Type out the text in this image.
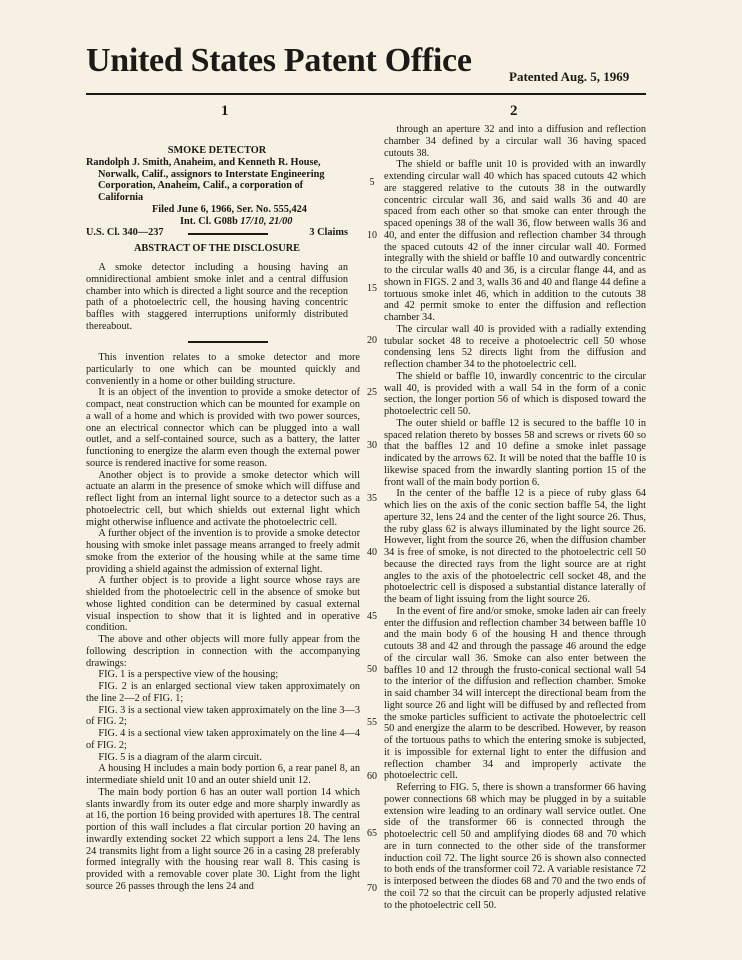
United States Patent Office	Patented Aug. 5, 1969
1	2
SMOKE DETECTOR
Randolph J. Smith, Anaheim, and Kenneth R. House, Norwalk, Calif., assignors to Interstate Engineering Corporation, Anaheim, Calif., a corporation of California
Filed June 6, 1966, Ser. No. 555,424
Int. Cl. G08b 17/10, 21/00
U.S. Cl. 340—237	3 Claims
ABSTRACT OF THE DISCLOSURE

A smoke detector including a housing having an omnidirectional ambient smoke inlet and a central diffusion chamber into which is directed a light source and the reception path of a photoelectric cell, the housing having concentric baffles with staggered interruptions uniformly distributed thereabout.

This invention relates to a smoke detector and more particularly to one which can be mounted quickly and conveniently in a home or other building structure.

It is an object of the invention to provide a smoke detector of compact, neat construction which can be mounted for example on a wall of a home and which is provided with two power sources, one an electrical connector which can be plugged into a wall outlet, and a self-contained source, such as a battery, the latter functioning to energize the alarm even though the external power source is rendered inactive for some reason.

Another object is to provide a smoke detector which will actuate an alarm in the presence of smoke which will diffuse and reflect light from an internal light source to a detector such as a photoelectric cell, but which shields out external light which might otherwise influence and activate the photoelectric cell.

A further object of the invention is to provide a smoke detector housing with smoke inlet passage means arranged to freely admit smoke from the exterior of the housing while at the same time providing a shield against the admission of external light.

A further object is to provide a light source whose rays are shielded from the photoelectric cell in the absence of smoke but whose lighted condition can be determined by casual external visual inspection to show that it is lighted and in operative condition.

The above and other objects will more fully appear from the following description in connection with the accompanying drawings:

FIG. 1 is a perspective view of the housing;

FIG. 2 is an enlarged sectional view taken approximately on the line 2—2 of FIG. 1;

FIG. 3 is a sectional view taken approximately on the line 3—3 of FIG. 2;

FIG. 4 is a sectional view taken approximately on the line 4—4 of FIG. 2;

FIG. 5 is a diagram of the alarm circuit.

A housing H includes a main body portion 6, a rear panel 8, an intermediate shield unit 10 and an outer shield unit 12.

The main body portion 6 has an outer wall portion 14 which slants inwardly from its outer edge and more sharply inwardly as at 16, the portion 16 being provided with apertures 18. The central portion of this wall includes a flat circular portion 20 having an inwardly extending socket 22 which support a lens 24. The lens 24 transmits light from a light source 26 in a casing 28 preferably formed integrally with the housing rear wall 8. This casing is provided with a removable cover plate 30. Light from the light source 26 passes through the lens 24 and

through an aperture 32 and into a diffusion and reflection chamber 34 defined by a circular wall 36 having spaced cutouts 38.

The shield or baffle unit 10 is provided with an inwardly extending circular wall 40 which has spaced cutouts 42 which are staggered relative to the cutouts 38 in the outwardly concentric circular wall 36, and said walls 36 and 40 are spaced from each other so that smoke can enter through the spaced openings 38 of the wall 36, flow between walls 36 and 40, and enter the diffusion and reflection chamber 34 through the spaced cutouts 42 of the inner circular wall 40. Formed integrally with the shield or baffle 10 and outwardly concentric to the circular walls 40 and 36, is a circular flange 44, and as shown in FIGS. 2 and 3, walls 36 and 40 and flange 44 define a tortuous smoke inlet 46, which in addition to the cutouts 38 and 42 permit smoke to enter the diffusion and reflection chamber 34.

The circular wall 40 is provided with a radially extending tubular socket 48 to receive a photoelectric cell 50 whose condensing lens 52 directs light from the diffusion and reflection chamber 34 to the photoelectric cell.

The shield or baffle 10, inwardly concentric to the circular wall 40, is provided with a wall 54 in the form of a conic section, the longer portion 56 of which is disposed toward the photoelectric cell 50.

The outer shield or baffle 12 is secured to the baffle 10 in spaced relation thereto by bosses 58 and screws or rivets 60 so that the baffles 12 and 10 define a smoke inlet passage indicated by the arrows 62. It will be noted that the baffle 10 is likewise spaced from the inwardly slanting portion 15 of the front wall of the main body portion 6.

In the center of the baffle 12 is a piece of ruby glass 64 which lies on the axis of the conic section baffle 54, the light aperture 32, lens 24 and the center of the light source 26. Thus, the ruby glass 62 is always illuminated by the light source 26. However, light from the source 26, when the diffusion chamber 34 is free of smoke, is not directed to the photoelectric cell 50 because the directed rays from the light source are at right angles to the axis of the photoelectric cell socket 48, and the photoelectric cell is disposed a substantial distance laterally of the beam of light issuing from the light source 26.

In the event of fire and/or smoke, smoke laden air can freely enter the diffusion and reflection chamber 34 between baffle 10 and the main body 6 of the housing H and thence through cutouts 38 and 42 and through the passage 46 around the edge of the circular wall 36. Smoke can also enter between the baffles 10 and 12 through the frusto-conical sectional wall 54 to the interior of the diffusion and reflection chamber. Smoke in said chamber 34 will intercept the directional beam from the light source 26 and light will be diffused by and reflected from the smoke particles sufficient to activate the photoelectric cell 50 and energize the alarm to be described. However, by reason of the tortuous paths to which the entering smoke is subjected, it is impossible for external light to enter the diffusion and reflection chamber 34 and improperly activate the photoelectric cell.

Referring to FIG. 5, there is shown a transformer 66 having power connections 68 which may be plugged in by a suitable extension wire leading to an ordinary wall service outlet. One side of the transformer 66 is connected through the photoelectric cell 50 and amplifying diodes 68 and 70 which are in turn connected to the other side of the transformer induction coil 72. The light source 26 is shown also connected to both ends of the transformer coil 72. A variable resistance 72 is interposed between the diodes 68 and 70 and the two ends of the coil 72 so that the circuit can be properly adjusted relative to the photoelectric cell 50.

5
10
15
20
25
30
35
40
45
50
55
60
65
70
